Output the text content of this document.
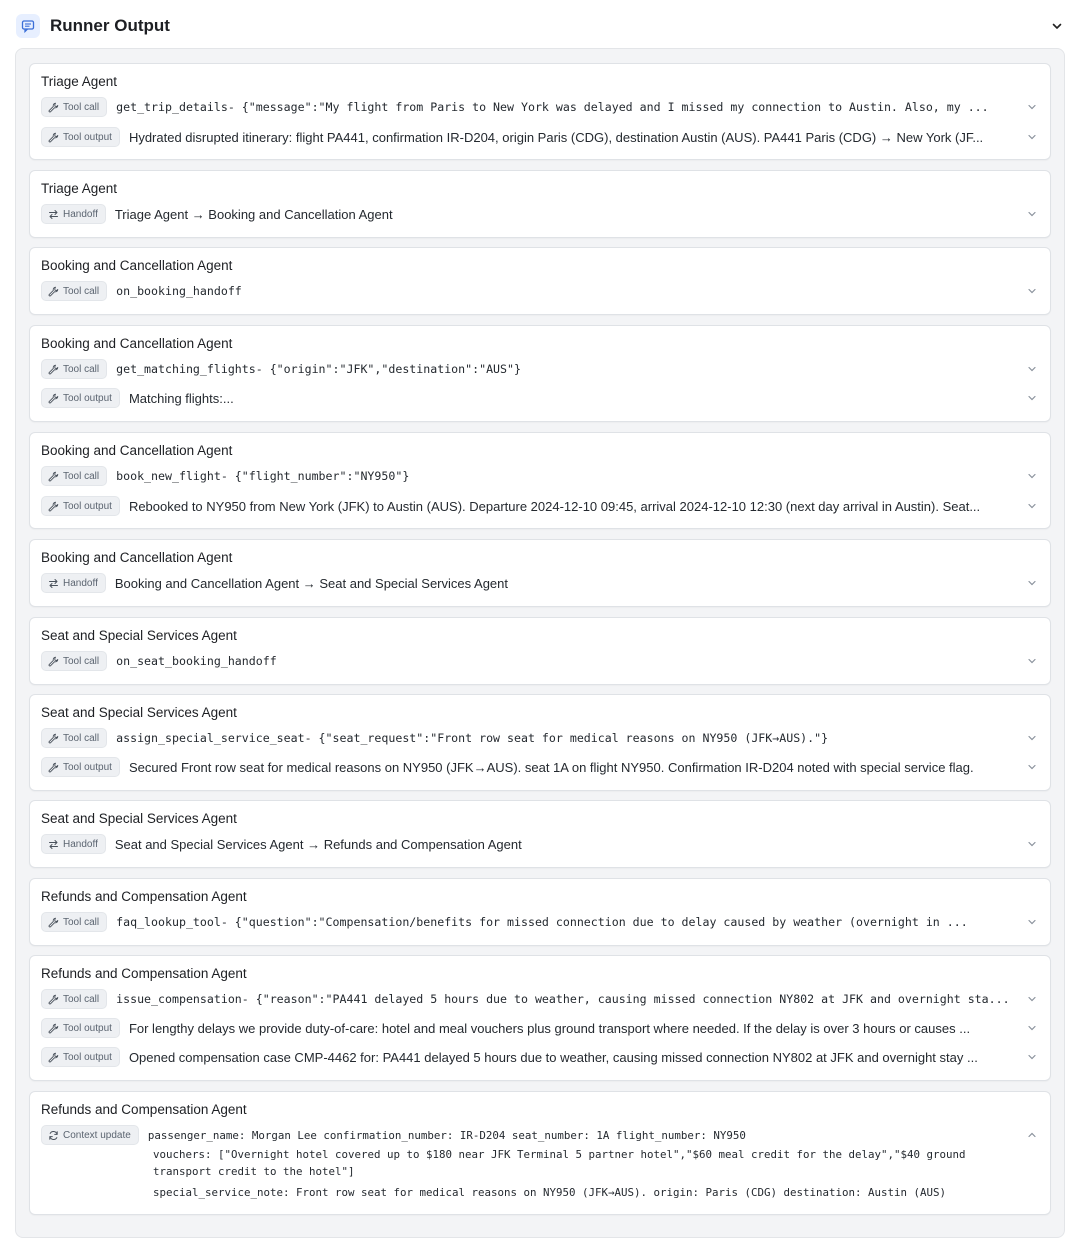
Runner Output
Triage Agent
Tool call get_trip_details- {"message":"My flight from Paris to New York was delayed and I missed my connection to Austin. Also, my ...
Tool output Hydrated disrupted itinerary: flight PA441, confirmation IR-D204, origin Paris (CDG), destination Austin (AUS). PA441 Paris (CDG) → New York (JF...
Triage Agent
Handoff Triage Agent → Booking and Cancellation Agent
Booking and Cancellation Agent
Tool call on_booking_handoff
Booking and Cancellation Agent
Tool call get_matching_flights- {"origin":"JFK","destination":"AUS"}
Tool output Matching flights:...
Booking and Cancellation Agent
Tool call book_new_flight- {"flight_number":"NY950"}
Tool output Rebooked to NY950 from New York (JFK) to Austin (AUS). Departure 2024-12-10 09:45, arrival 2024-12-10 12:30 (next day arrival in Austin). Seat...
Booking and Cancellation Agent
Handoff Booking and Cancellation Agent → Seat and Special Services Agent
Seat and Special Services Agent
Tool call on_seat_booking_handoff
Seat and Special Services Agent
Tool call assign_special_service_seat- {"seat_request":"Front row seat for medical reasons on NY950 (JFK→AUS)."}
Tool output Secured Front row seat for medical reasons on NY950 (JFK→AUS). seat 1A on flight NY950. Confirmation IR-D204 noted with special service flag.
Seat and Special Services Agent
Handoff Seat and Special Services Agent → Refunds and Compensation Agent
Refunds and Compensation Agent
Tool call faq_lookup_tool- {"question":"Compensation/benefits for missed connection due to delay caused by weather (overnight in ...
Refunds and Compensation Agent
Tool call issue_compensation- {"reason":"PA441 delayed 5 hours due to weather, causing missed connection NY802 at JFK and overnight sta...
Tool output For lengthy delays we provide duty-of-care: hotel and meal vouchers plus ground transport where needed. If the delay is over 3 hours or causes ...
Tool output Opened compensation case CMP-4462 for: PA441 delayed 5 hours due to weather, causing missed connection NY802 at JFK and overnight stay ...
Refunds and Compensation Agent
Context update passenger_name: Morgan Lee confirmation_number: IR-D204 seat_number: 1A flight_number: NY950
vouchers: ["Overnight hotel covered up to $180 near JFK Terminal 5 partner hotel","$60 meal credit for the delay","$40 ground transport credit to the hotel"]
special_service_note: Front row seat for medical reasons on NY950 (JFK→AUS). origin: Paris (CDG) destination: Austin (AUS)
